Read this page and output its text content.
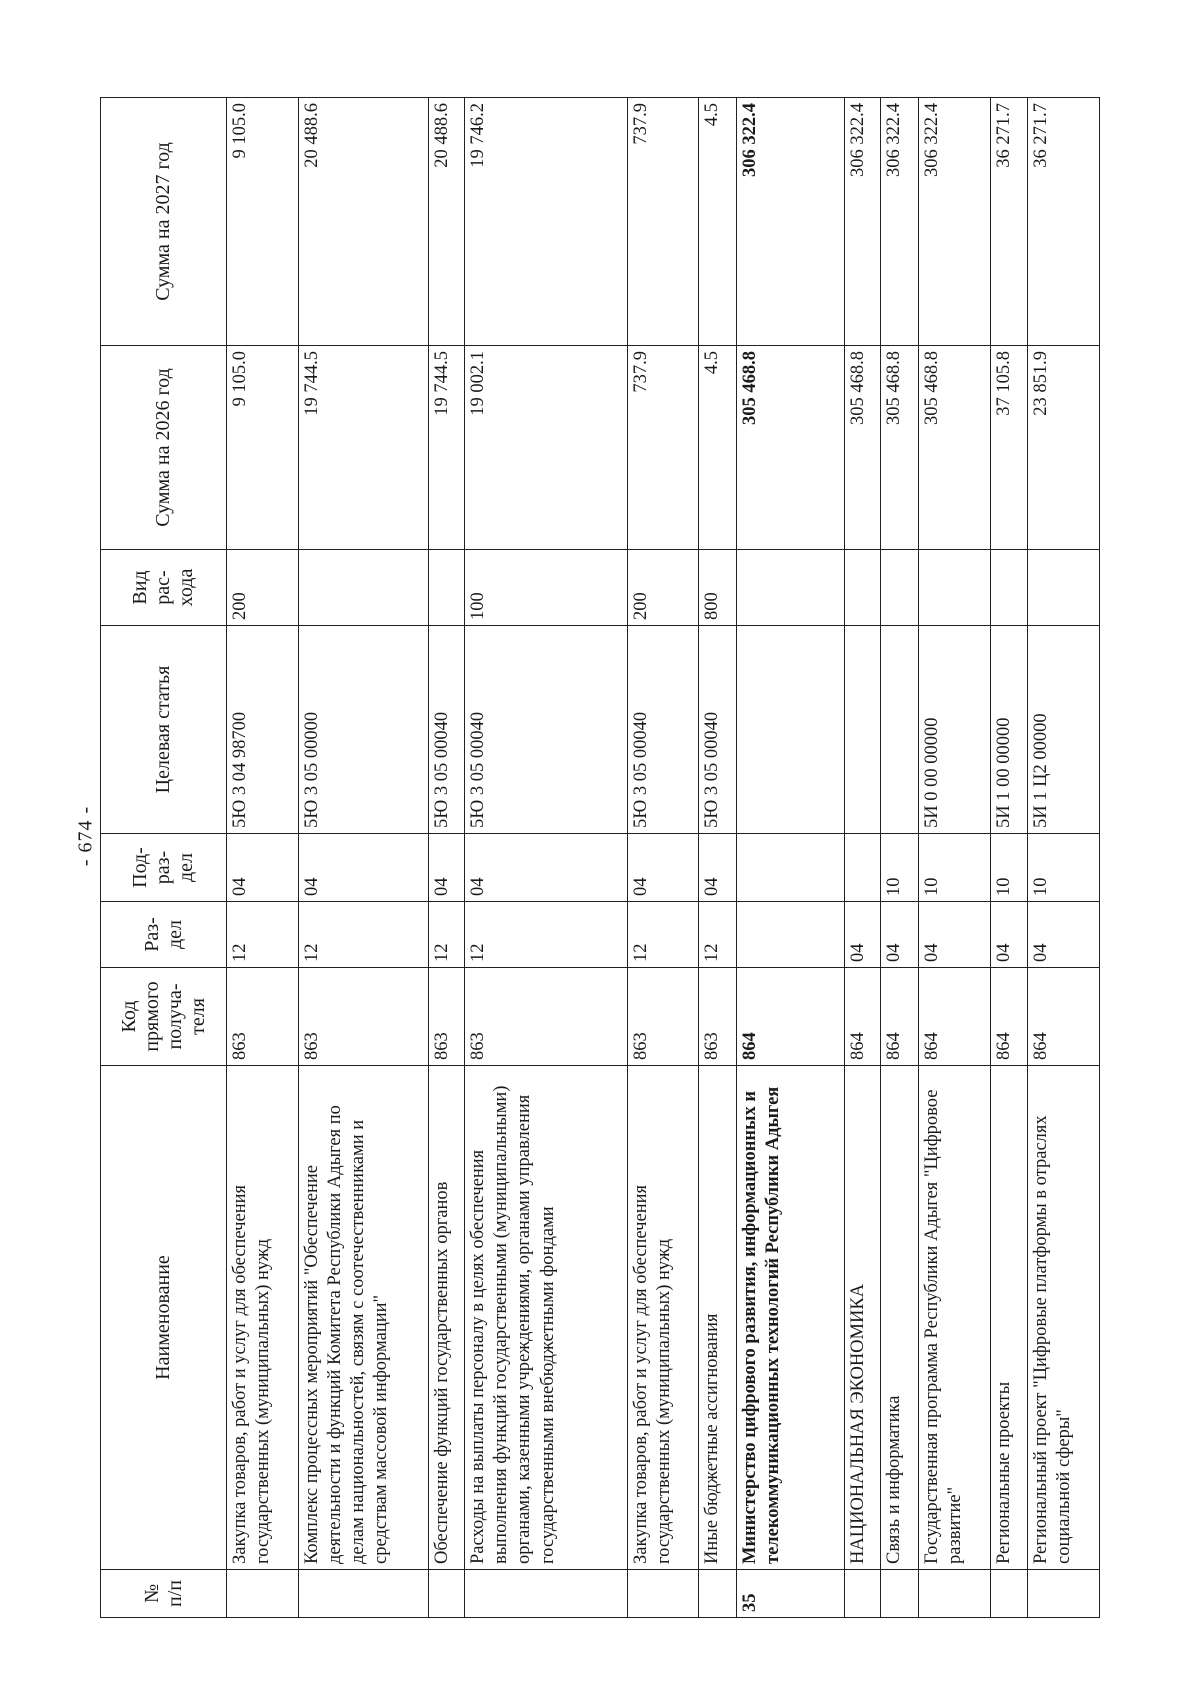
- 674 -
№ п/п	Наименование	Код прямого получа- теля	Раз- дел	Под- раз- дел	Целевая статья	Вид рас- хода	Сумма на 2026 год	Сумма на 2027 год
	Закупка товаров, работ и услуг для обеспечения государственных (муниципальных) нужд	863	12	04	5Ю 3 04 98700	200	9 105.0	9 105.0
	Комплекс процессных мероприятий "Обеспечение деятельности и функций Комитета Республики Адыгея по делам национальностей, связям с соотечественниками и средствам массовой информации"	863	12	04	5Ю 3 05 00000		19 744.5	20 488.6
	Обеспечение функций государственных органов	863	12	04	5Ю 3 05 00040		19 744.5	20 488.6
	Расходы на выплаты персоналу в целях обеспечения выполнения функций государственными (муниципальными) органами, казенными учреждениями, органами управления государственными внебюджетными фондами	863	12	04	5Ю 3 05 00040	100	19 002.1	19 746.2
	Закупка товаров, работ и услуг для обеспечения государственных (муниципальных) нужд	863	12	04	5Ю 3 05 00040	200	737.9	737.9
	Иные бюджетные ассигнования	863	12	04	5Ю 3 05 00040	800	4.5	4.5
35	Министерство цифрового развития, информационных и телекоммуникационных технологий Республики Адыгея	864					305 468.8	306 322.4
	НАЦИОНАЛЬНАЯ ЭКОНОМИКА	864	04				305 468.8	306 322.4
	Связь и информатика	864	04	10			305 468.8	306 322.4
	Государственная программа Республики Адыгея "Цифровое развитие"	864	04	10	5И 0 00 00000		305 468.8	306 322.4
	Региональные проекты	864	04	10	5И 1 00 00000		37 105.8	36 271.7
	Региональный проект "Цифровые платформы в отраслях социальной сферы"	864	04	10	5И 1 Ц2 00000		23 851.9	36 271.7
